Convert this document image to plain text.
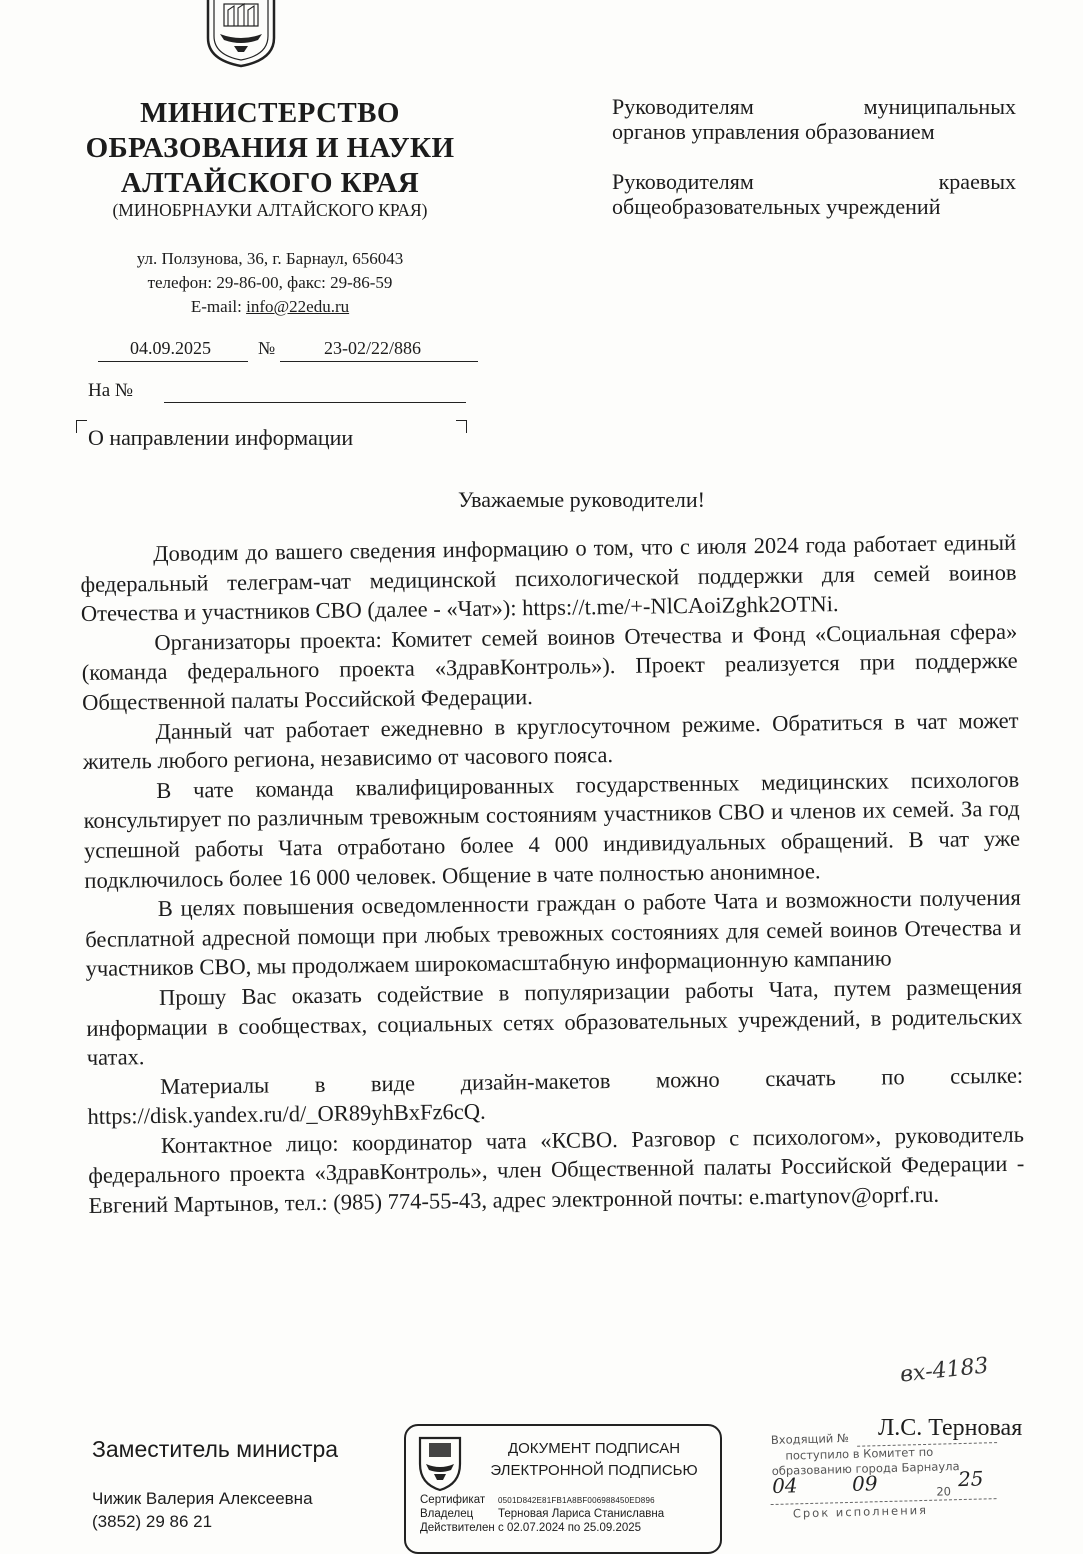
МИНИСТЕРСТВО
ОБРАЗОВАНИЯ И НАУКИ
АЛТАЙСКОГО КРАЯ
(МИНОБРНАУКИ АЛТАЙСКОГО КРАЯ)
ул. Ползунова, 36, г. Барнаул, 656043
телефон: 29-86-00, факс: 29-86-59
E-mail: info@22edu.ru
Руководителям	муниципальных
органов управления образованием
Руководителям	краевых
общеобразовательных учреждений
04.09.2025	№	23-02/22/886
На №
О направлении информации
Уважаемые руководители!

Доводим до вашего сведения информацию о том, что с июля 2024 года работает единый федеральный телеграм-чат медицинской психологической поддержки для семей воинов Отечества и участников СВО (далее - «Чат»): https://t.me/+-NlCAoiZghk2OTNi.

Организаторы проекта: Комитет семей воинов Отечества и Фонд «Социальная сфера» (команда федерального проекта «ЗдравКонтроль»). Проект реализуется при поддержке Общественной палаты Российской Федерации.

Данный чат работает ежедневно в круглосуточном режиме. Обратиться в чат может житель любого региона, независимо от часового пояса.

В чате команда квалифицированных государственных медицинских психологов консультирует по различным тревожным состояниям участников СВО и членов их семей. За год успешной работы Чата отработано более 4 000 индивидуальных обращений. В чат уже подключилось более 16 000 человек. Общение в чате полностью анонимное.

В целях повышения осведомленности граждан о работе Чата и возможности получения бесплатной адресной помощи при любых тревожных состояниях для семей воинов Отечества и участников СВО, мы продолжаем широкомасштабную информационную кампанию

Прошу Вас оказать содействие в популяризации работы Чата, путем размещения информации в сообществах, социальных сетях образовательных учреждений, в родительских чатах.

Материалы в виде дизайн-макетов можно скачать по ссылке: https://disk.yandex.ru/d/_OR89yhBxFz6cQ.

Контактное лицо: координатор чата «КСВО. Разговор с психологом», руководитель федерального проекта «ЗдравКонтроль», член Общественной палаты Российской Федерации - Евгений Мартынов, тел.: (985) 774-55-43, адрес электронной почты: e.martynov@oprf.ru.

Заместитель министра
Чижик Валерия Алексеевна
(3852) 29 86 21
ДОКУМЕНТ ПОДПИСАН
ЭЛЕКТРОННОЙ ПОДПИСЬЮ
Сертификат 0501D842E81FB1A8BF006988450ED896
Владелец Терновая Лариса Станиславна
Действителен с 02.07.2024 по 25.09.2025
вх-4183
Входящий №
поступило в Комитет по
образованию города Барнаула
04	09	20
25
Срок исполнения
Л.С. Терновая
